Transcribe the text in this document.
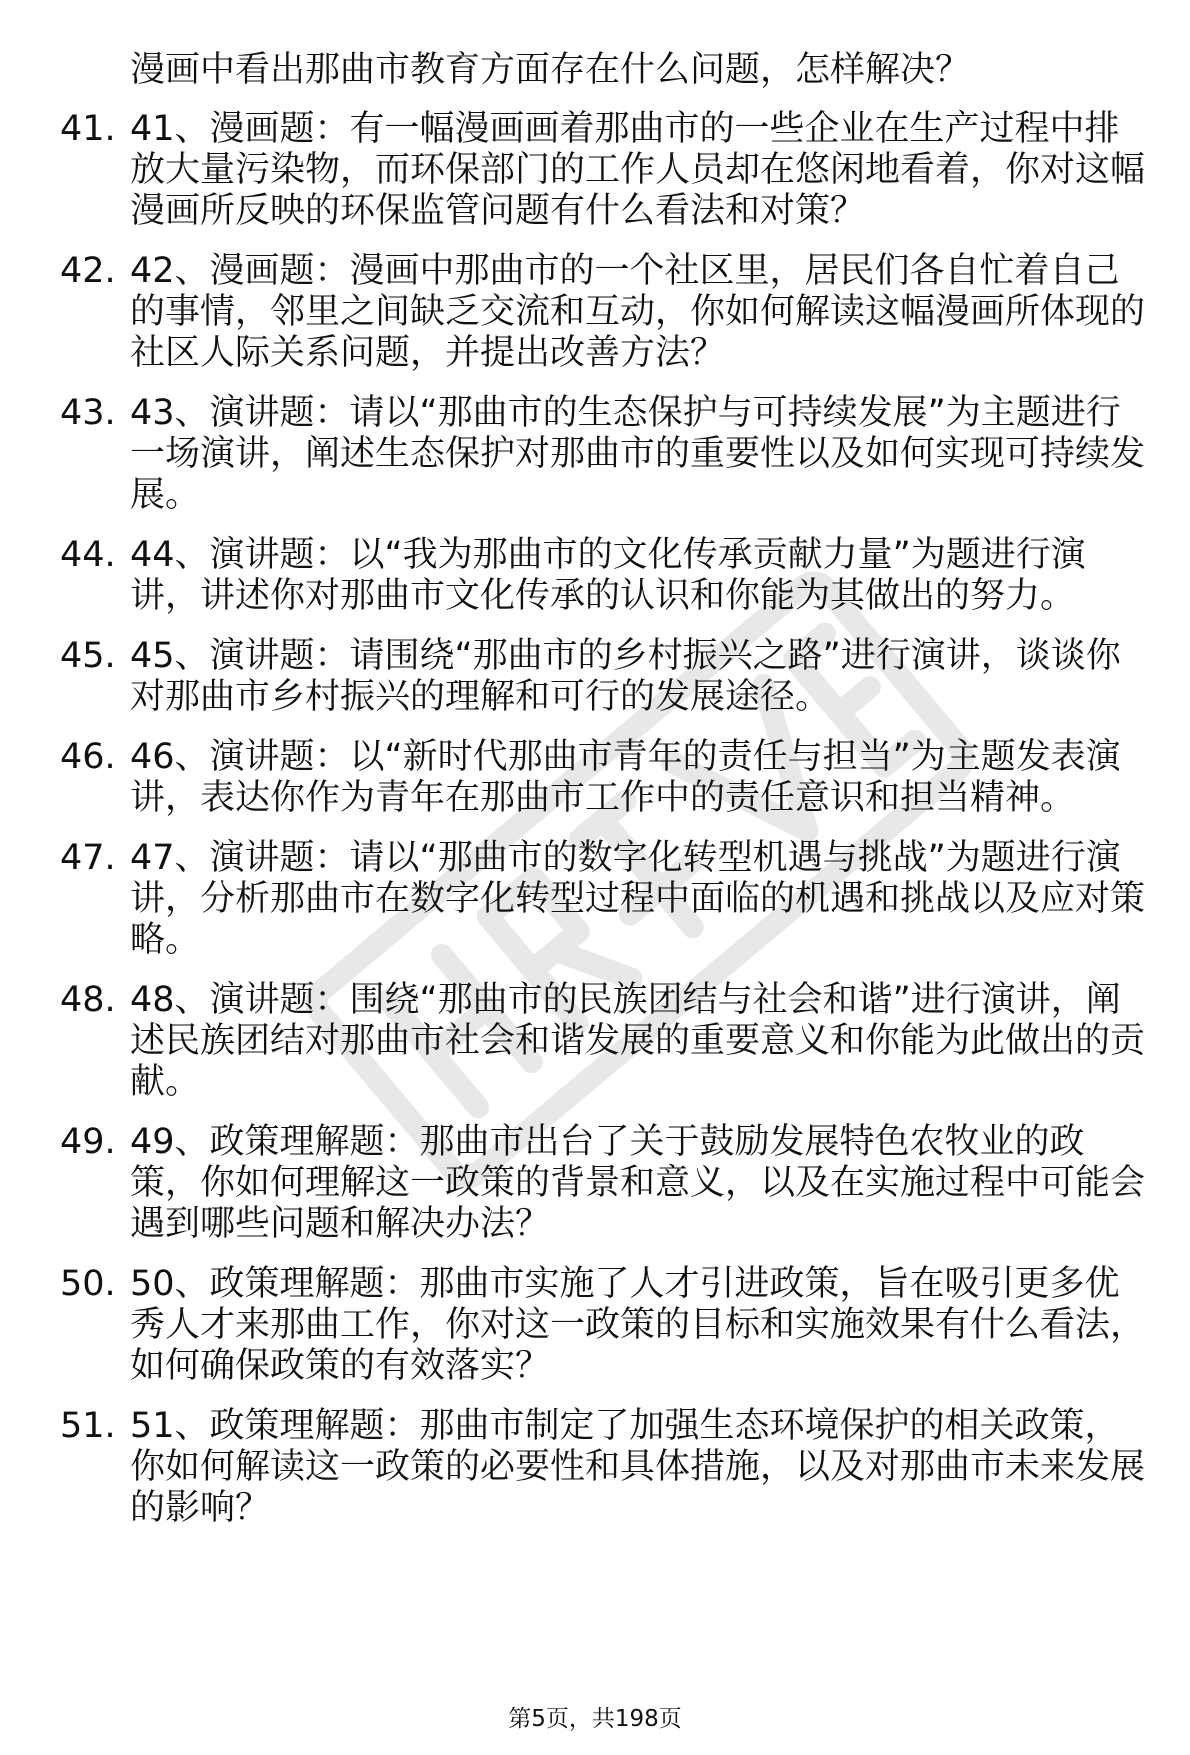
漫画中看出那曲市教育方面存在什么问题，怎样解决？

41. 41、漫画题：有一幅漫画画着那曲市的一些企业在生产过程中排放大量污染物，而环保部门的工作人员却在悠闲地看着，你对这幅漫画所反映的环保监管问题有什么看法和对策？
42. 42、漫画题：漫画中那曲市的一个社区里，居民们各自忙着自己的事情，邻里之间缺乏交流和互动，你如何解读这幅漫画所体现的社区人际关系问题，并提出改善方法？
43. 43、演讲题：请以“那曲市的生态保护与可持续发展”为主题进行一场演讲，阐述生态保护对那曲市的重要性以及如何实现可持续发展。
44. 44、演讲题：以“我为那曲市的文化传承贡献力量”为题进行演讲，讲述你对那曲市文化传承的认识和你能为其做出的努力。
45. 45、演讲题：请围绕“那曲市的乡村振兴之路”进行演讲，谈谈你对那曲市乡村振兴的理解和可行的发展途径。
46. 46、演讲题：以“新时代那曲市青年的责任与担当”为主题发表演讲，表达你作为青年在那曲市工作中的责任意识和担当精神。
47. 47、演讲题：请以“那曲市的数字化转型机遇与挑战”为题进行演讲，分析那曲市在数字化转型过程中面临的机遇和挑战以及应对策略。
48. 48、演讲题：围绕“那曲市的民族团结与社会和谐”进行演讲，阐述民族团结对那曲市社会和谐发展的重要意义和你能为此做出的贡献。
49. 49、政策理解题：那曲市出台了关于鼓励发展特色农牧业的政策，你如何理解这一政策的背景和意义，以及在实施过程中可能会遇到哪些问题和解决办法？
50. 50、政策理解题：那曲市实施了人才引进政策，旨在吸引更多优秀人才来那曲工作，你对这一政策的目标和实施效果有什么看法，如何确保政策的有效落实？
51. 51、政策理解题：那曲市制定了加强生态环境保护的相关政策，你如何解读这一政策的必要性和具体措施，以及对那曲市未来发展的影响？
第5页，共198页
